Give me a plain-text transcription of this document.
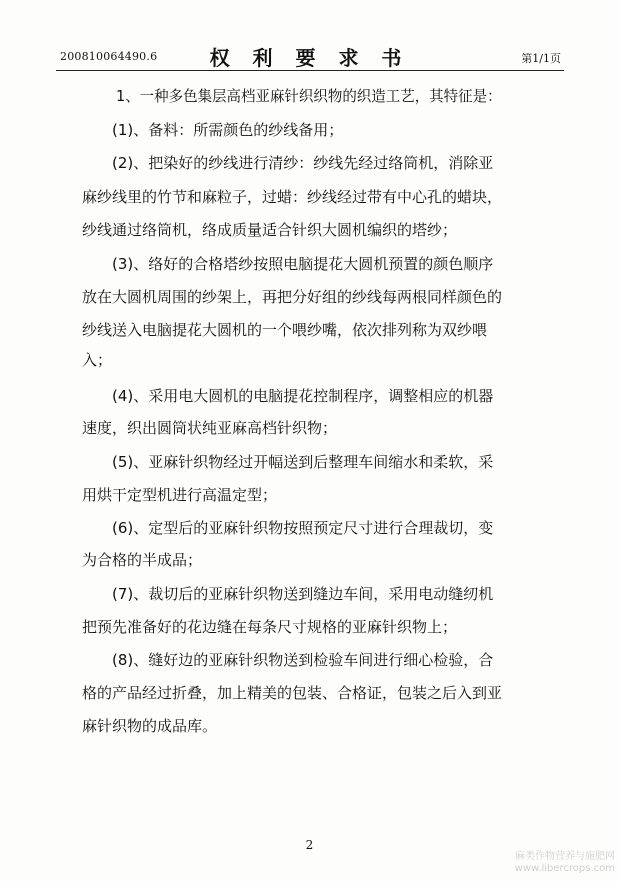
200810064490.6	权 利 要 求 书	第1/1页
1、一种多色集层高档亚麻针织织物的织造工艺，其特征是：
(1)、备料：所需颜色的纱线备用；
(2)、把染好的纱线进行清纱：纱线先经过络筒机，消除亚
麻纱线里的竹节和麻粒子，过蜡：纱线经过带有中心孔的蜡块，
纱线通过络筒机，络成质量适合针织大圆机编织的塔纱；
(3)、络好的合格塔纱按照电脑提花大圆机预置的颜色顺序
放在大圆机周围的纱架上，再把分好组的纱线每两根同样颜色的
纱线送入电脑提花大圆机的一个喂纱嘴，依次排列称为双纱喂
入；
(4)、采用电大圆机的电脑提花控制程序，调整相应的机器
速度，织出圆筒状纯亚麻高档针织物；
(5)、亚麻针织物经过开幅送到后整理车间缩水和柔软，采
用烘干定型机进行高温定型；
(6)、定型后的亚麻针织物按照预定尺寸进行合理裁切，变
为合格的半成品；
(7)、裁切后的亚麻针织物送到缝边车间，采用电动缝纫机
把预先准备好的花边缝在每条尺寸规格的亚麻针织物上；
(8)、缝好边的亚麻针织物送到检验车间进行细心检验，合
格的产品经过折叠，加上精美的包装、合格证，包装之后入到亚
麻针织物的成品库。
2
麻类作物营养与施肥网
www.libercrops.com
